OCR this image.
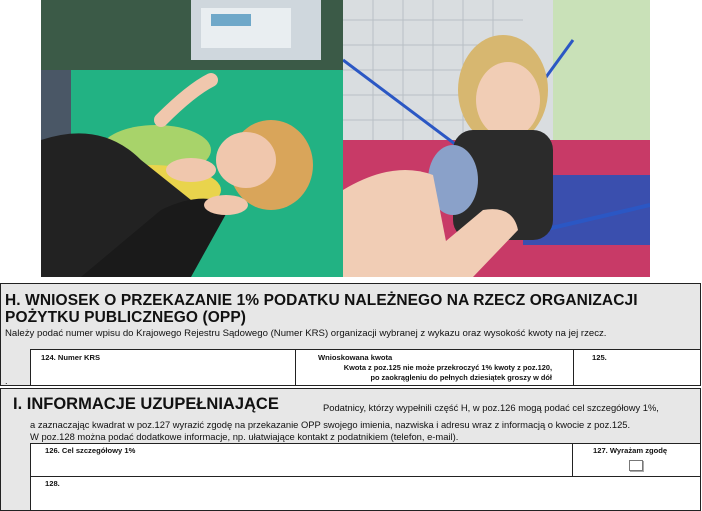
H. WNIOSEK O PRZEKAZANIE 1% PODATKU NALEŻNEGO NA RZECZ ORGANIZACJI POŻYTKU PUBLICZNEGO (OPP)
Należy podać numer wpisu do Krajowego Rejestru Sądowego (Numer KRS) organizacji wybranej z wykazu oraz wysokość kwoty na jej rzecz.
124. Numer KRS	Wnioskowana kwota
Kwota z poz.125 nie może przekroczyć 1% kwoty z poz.120,
po zaokrągleniu do pełnych dziesiątek groszy w dół
125.
.
I. INFORMACJE UZUPEŁNIAJĄCE	Podatnicy, którzy wypełnili część H, w poz.126 mogą podać cel szczegółowy 1%,
a zaznaczając kwadrat w poz.127 wyrazić zgodę na przekazanie OPP swojego imienia, nazwiska i adresu wraz z informacją o kwocie z poz.125.
W poz.128 można podać dodatkowe informacje, np. ułatwiające kontakt z podatnikiem (telefon, e-mail).
126. Cel szczegółowy 1%	127. Wyrażam zgodę
128.
